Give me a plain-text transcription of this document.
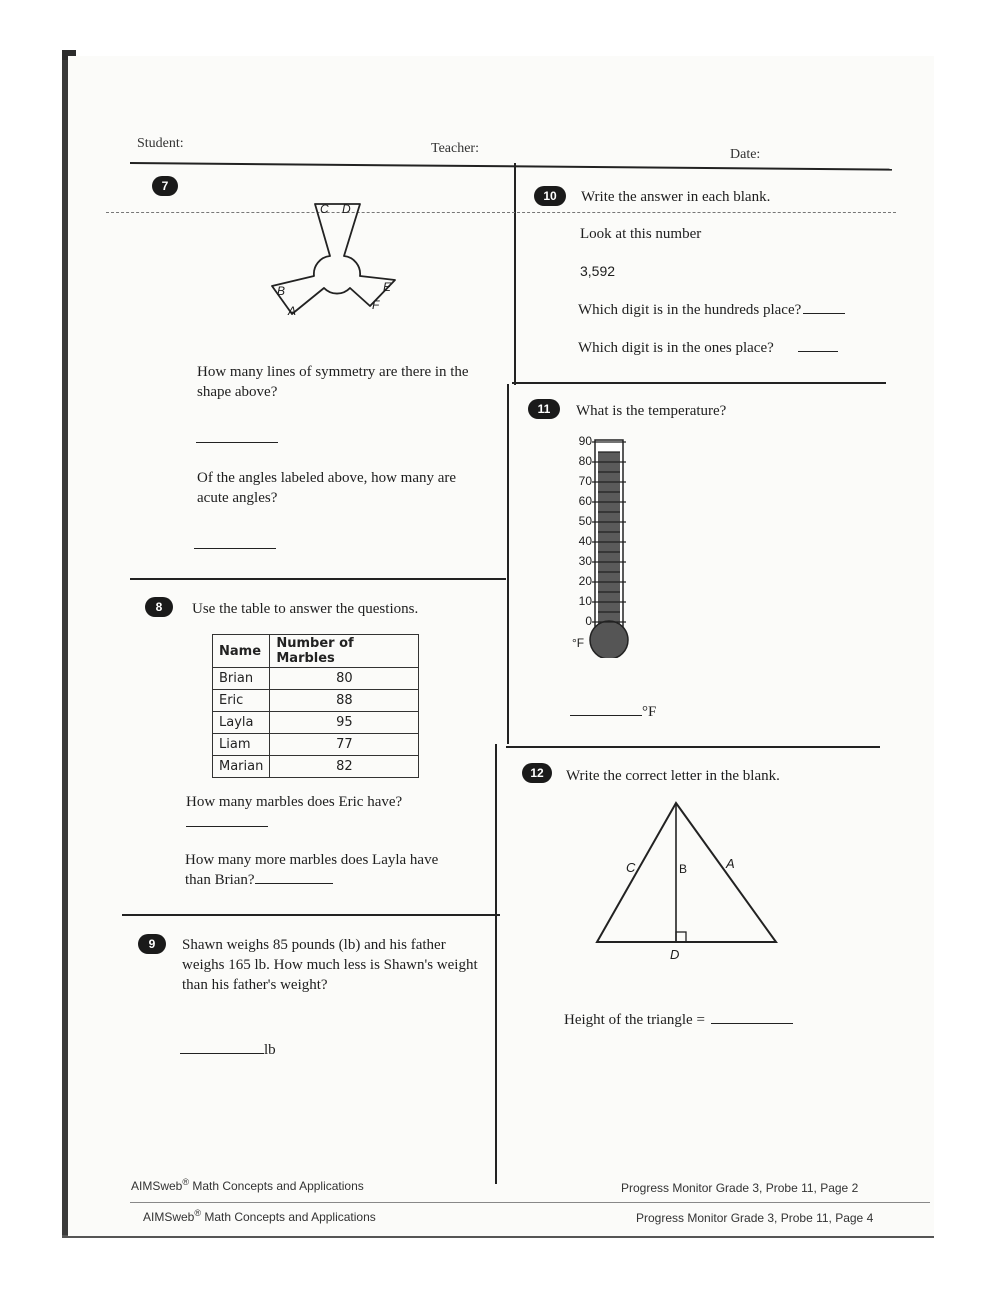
Student:	Teacher:	Date:
7
C D
B
A
E
F
How many lines of symmetry are there in the shape above?
Of the angles labeled above, how many are acute angles?
8	Use the table to answer the questions.
Name	Number of Marbles
Brian	80
Eric	88
Layla	95
Liam	77
Marian	82
How many marbles does Eric have?
How many more marbles does Layla have
than Brian?
9	Shawn weighs 85 pounds (lb) and his father weighs 165 lb. How much less is Shawn's weight than his father's weight?
lb
10	Write the answer in each blank.
Look at this number
3,592
Which digit is in the hundreds place?
Which digit is in the ones place?
11	What is the temperature?
90
80
70
60
50
40
30
20
10
0
°F
°F
12	Write the correct letter in the blank.
C	B	A
D
Height of the triangle =
AIMSweb® Math Concepts and Applications	Progress Monitor Grade 3, Probe 11, Page 2
AIMSweb® Math Concepts and Applications	Progress Monitor Grade 3, Probe 11, Page 4
